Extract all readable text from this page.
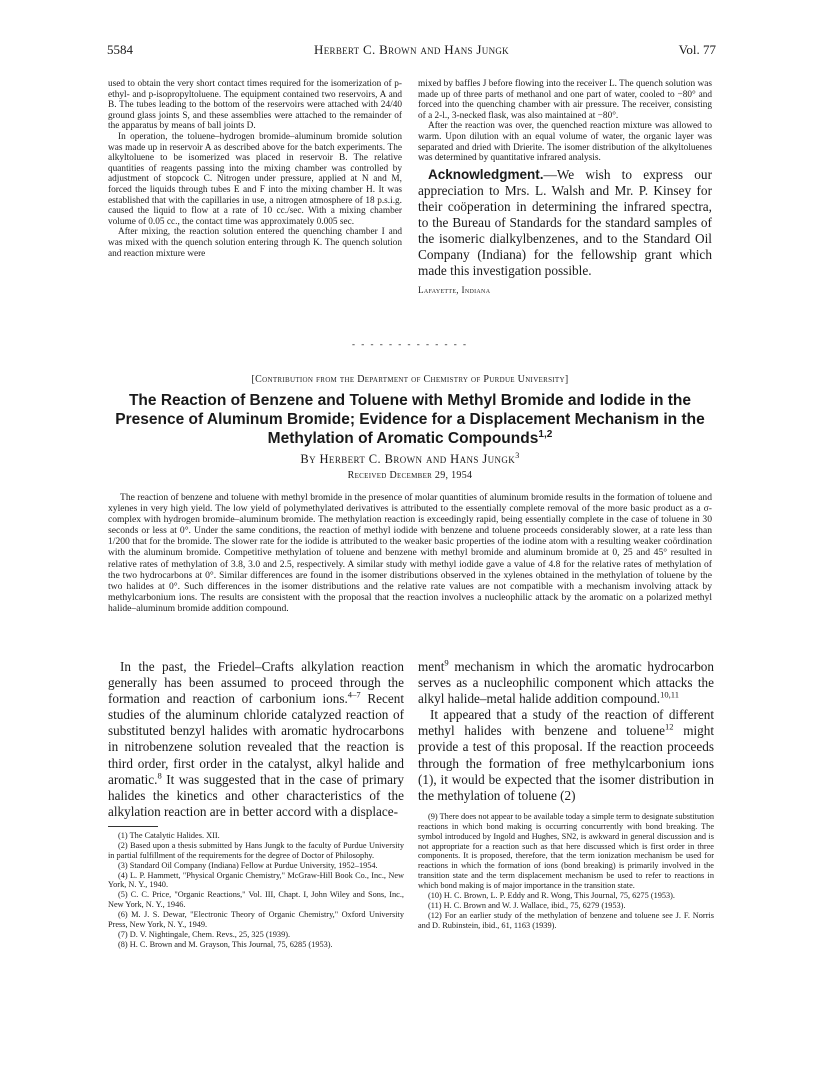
5584	Herbert C. Brown and Hans Jungk	Vol. 77

used to obtain the very short contact times required for the isomerization of p-ethyl- and p-isopropyltoluene. The equipment contained two reservoirs, A and B. The tubes leading to the bottom of the reservoirs were attached with 24/40 ground glass joints S, and these assemblies were attached to the remainder of the apparatus by means of ball joints D.

In operation, the toluene–hydrogen bromide–aluminum bromide solution was made up in reservoir A as described above for the batch experiments. The alkyltoluene to be isomerized was placed in reservoir B. The relative quantities of reagents passing into the mixing chamber was controlled by adjustment of stopcock C. Nitrogen under pressure, applied at N and M, forced the liquids through tubes E and F into the mixing chamber H. It was established that with the capillaries in use, a nitrogen atmosphere of 18 p.s.i.g. caused the liquid to flow at a rate of 10 cc./sec. With a mixing chamber volume of 0.05 cc., the contact time was approximately 0.005 sec.

After mixing, the reaction solution entered the quenching chamber I and was mixed with the quench solution entering through K. The quench solution and reaction mixture were

mixed by baffles J before flowing into the receiver L. The quench solution was made up of three parts of methanol and one part of water, cooled to −80° and forced into the quenching chamber with air pressure. The receiver, consisting of a 2-l., 3-necked flask, was also maintained at −80°.

After the reaction was over, the quenched reaction mixture was allowed to warm. Upon dilution with an equal volume of water, the organic layer was separated and dried with Drierite. The isomer distribution of the alkyltoluenes was determined by quantitative infrared analysis.

Acknowledgment.—We wish to express our appreciation to Mrs. L. Walsh and Mr. P. Kinsey for their coöperation in determining the infrared spectra, to the Bureau of Standards for the standard samples of the isomeric dialkylbenzenes, and to the Standard Oil Company (Indiana) for the fellowship grant which made this investigation possible.

Lafayette, Indiana

- - - - - - - - - - - - -
[Contribution from the Department of Chemistry of Purdue University]
The Reaction of Benzene and Toluene with Methyl Bromide and Iodide in the Presence of Aluminum Bromide; Evidence for a Displacement Mechanism in the Methylation of Aromatic Compounds$^{1,2}$
By Herbert C. Brown and Hans Jungk$^3$
Received December 29, 1954

The reaction of benzene and toluene with methyl bromide in the presence of molar quantities of aluminum bromide results in the formation of toluene and xylenes in very high yield. The low yield of polymethylated derivatives is attributed to the essentially complete removal of the more basic product as a σ-complex with hydrogen bromide–aluminum bromide. The methylation reaction is exceedingly rapid, being essentially complete in the case of toluene in 30 seconds or less at 0°. Under the same conditions, the reaction of methyl iodide with benzene and toluene proceeds considerably slower, at a rate less than 1/200 that for the bromide. The slower rate for the iodide is attributed to the weaker basic properties of the iodine atom with a resulting weaker coördination with the aluminum bromide. Competitive methylation of toluene and benzene with methyl bromide and aluminum bromide at 0, 25 and 45° resulted in relative rates of methylation of 3.8, 3.0 and 2.5, respectively. A similar study with methyl iodide gave a value of 4.8 for the relative rates of methylation of the two hydrocarbons at 0°. Similar differences are found in the isomer distributions observed in the xylenes obtained in the methylation of toluene by the two halides at 0°. Such differences in the isomer distributions and the relative rate values are not compatible with a mechanism involving attack by methylcarbonium ions. The results are consistent with the proposal that the reaction involves a nucleophilic attack by the aromatic on a polarized methyl halide–aluminum bromide addition compound.

In the past, the Friedel–Crafts alkylation reaction generally has been assumed to proceed through the formation and reaction of carbonium ions.$^{4-7}$ Recent studies of the aluminum chloride catalyzed reaction of substituted benzyl halides with aromatic hydrocarbons in nitrobenzene solution revealed that the reaction is third order, first order in the catalyst, alkyl halide and aromatic.$^8$ It was suggested that in the case of primary halides the kinetics and other characteristics of the alkylation reaction are in better accord with a displace-

(1) The Catalytic Halides. XII.

(2) Based upon a thesis submitted by Hans Jungk to the faculty of Purdue University in partial fulfillment of the requirements for the degree of Doctor of Philosophy.

(3) Standard Oil Company (Indiana) Fellow at Purdue University, 1952–1954.

(4) L. P. Hammett, "Physical Organic Chemistry," McGraw-Hill Book Co., Inc., New York, N. Y., 1940.

(5) C. C. Price, "Organic Reactions," Vol. III, Chapt. I, John Wiley and Sons, Inc., New York, N. Y., 1946.

(6) M. J. S. Dewar, "Electronic Theory of Organic Chemistry," Oxford University Press, New York, N. Y., 1949.

(7) D. V. Nightingale, Chem. Revs., 25, 325 (1939).

(8) H. C. Brown and M. Grayson, This Journal, 75, 6285 (1953).

ment$^9$ mechanism in which the aromatic hydrocarbon serves as a nucleophilic component which attacks the alkyl halide–metal halide addition compound.$^{10,11}$

It appeared that a study of the reaction of different methyl halides with benzene and toluene$^{12}$ might provide a test of this proposal. If the reaction proceeds through the formation of free methylcarbonium ions (1), it would be expected that the isomer distribution in the methylation of toluene (2)

(9) There does not appear to be available today a simple term to designate substitution reactions in which bond making is occurring concurrently with bond breaking. The symbol introduced by Ingold and Hughes, SN2, is awkward in general discussion and is not appropriate for a reaction such as that here discussed which is first order in three components. It is proposed, therefore, that the term ionization mechanism be used for reactions in which the formation of ions (bond breaking) is primarily involved in the transition state and the term displacement mechanism be used to refer to reactions in which bond making is of major importance in the transition state.

(10) H. C. Brown, L. P. Eddy and R. Wong, This Journal, 75, 6275 (1953).

(11) H. C. Brown and W. J. Wallace, ibid., 75, 6279 (1953).

(12) For an earlier study of the methylation of benzene and toluene see J. F. Norris and D. Rubinstein, ibid., 61, 1163 (1939).
